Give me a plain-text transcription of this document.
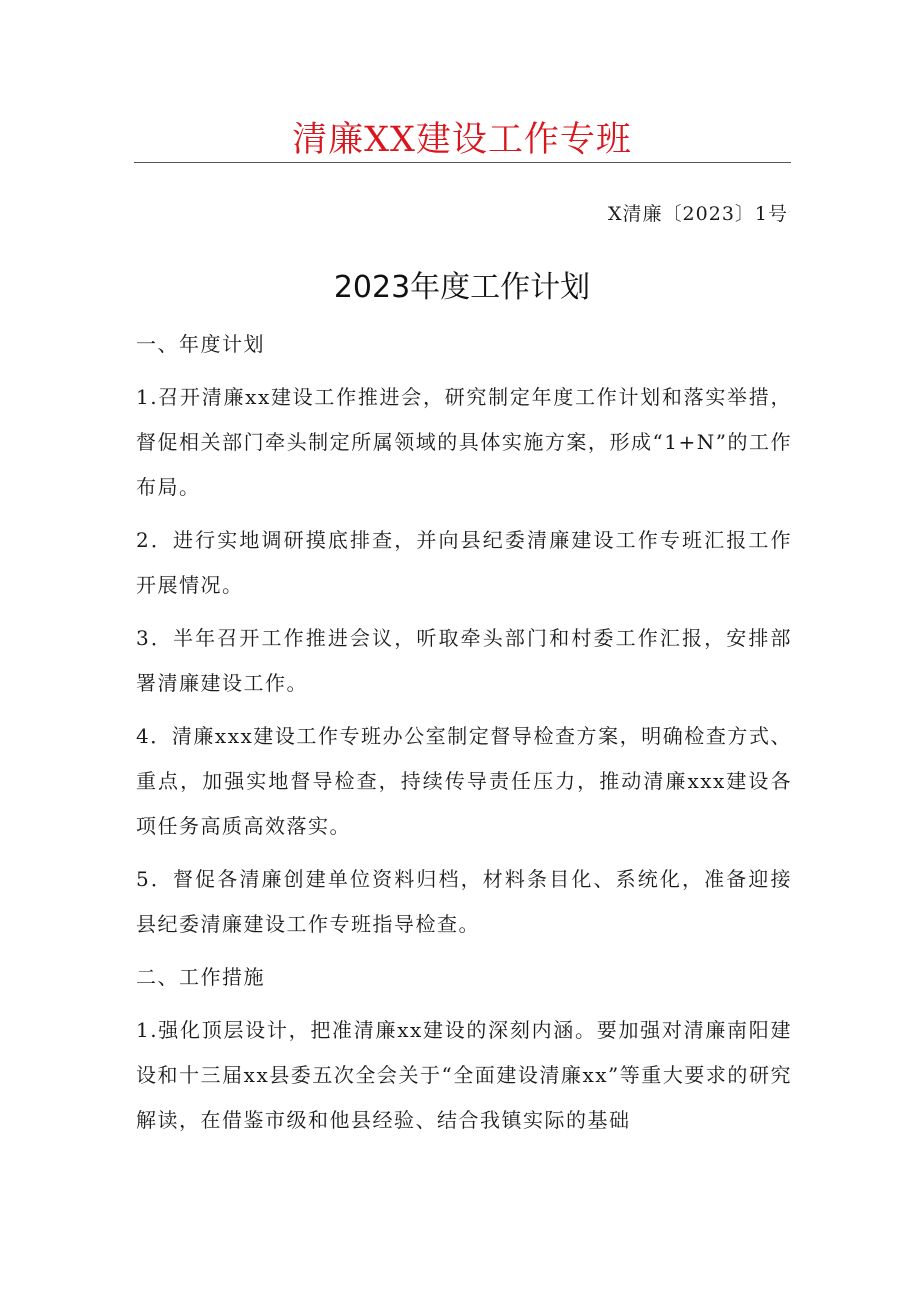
清廉XX建设工作专班
X清廉〔2023〕1号
2023年度工作计划

一、年度计划

1.召开清廉xx建设工作推进会，研究制定年度工作计划和落实举措，督促相关部门牵头制定所属领域的具体实施方案，形成“1+N”的工作布局。

2．进行实地调研摸底排查，并向县纪委清廉建设工作专班汇报工作开展情况。

3．半年召开工作推进会议，听取牵头部门和村委工作汇报，安排部署清廉建设工作。

4．清廉xxx建设工作专班办公室制定督导检查方案，明确检查方式、重点，加强实地督导检查，持续传导责任压力，推动清廉xxx建设各项任务高质高效落实。

5．督促各清廉创建单位资料归档，材料条目化、系统化，准备迎接县纪委清廉建设工作专班指导检查。

二、工作措施

1.强化顶层设计，把准清廉xx建设的深刻内涵。要加强对清廉南阳建设和十三届xx县委五次全会关于“全面建设清廉xx”等重大要求的研究解读，在借鉴市级和他县经验、结合我镇实际的基础
